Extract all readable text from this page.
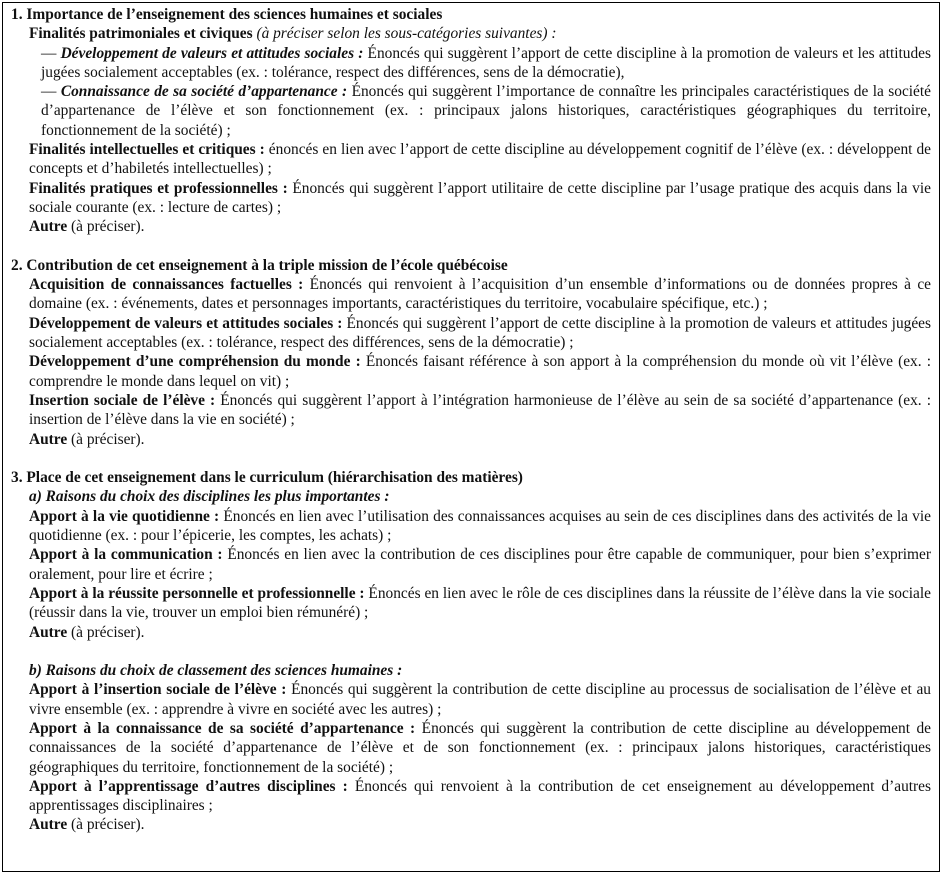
1. Importance de l’enseignement des sciences humaines et sociales
Finalités patrimoniales et civiques (à préciser selon les sous-catégories suivantes) :
— Développement de valeurs et attitudes sociales : Énoncés qui suggèrent l’apport de cette discipline à la promotion de valeurs et les attitudes jugées socialement acceptables (ex. : tolérance, respect des différences, sens de la démocratie),
— Connaissance de sa société d’appartenance : Énoncés qui suggèrent l’importance de connaître les principales caractéristiques de la société d’appartenance de l’élève et son fonctionnement (ex. : principaux jalons historiques, caractéristiques géographiques du territoire, fonctionnement de la société) ;
Finalités intellectuelles et critiques : énoncés en lien avec l’apport de cette discipline au développement cognitif de l’élève (ex. : développent de concepts et d’habiletés intellectuelles) ;
Finalités pratiques et professionnelles : Énoncés qui suggèrent l’apport utilitaire de cette discipline par l’usage pratique des acquis dans la vie sociale courante (ex. : lecture de cartes) ;
Autre (à préciser).
2. Contribution de cet enseignement à la triple mission de l’école québécoise
Acquisition de connaissances factuelles : Énoncés qui renvoient à l’acquisition d’un ensemble d’informations ou de données propres à ce domaine (ex. : événements, dates et personnages importants, caractéristiques du territoire, vocabulaire spécifique, etc.) ;
Développement de valeurs et attitudes sociales : Énoncés qui suggèrent l’apport de cette discipline à la promotion de valeurs et attitudes jugées socialement acceptables (ex. : tolérance, respect des différences, sens de la démocratie) ;
Développement d’une compréhension du monde : Énoncés faisant référence à son apport à la compréhension du monde où vit l’élève (ex. : comprendre le monde dans lequel on vit) ;
Insertion sociale de l’élève : Énoncés qui suggèrent l’apport à l’intégration harmonieuse de l’élève au sein de sa société d’appartenance (ex. : insertion de l’élève dans la vie en société) ;
Autre (à préciser).
3. Place de cet enseignement dans le curriculum (hiérarchisation des matières)
a) Raisons du choix des disciplines les plus importantes :
Apport à la vie quotidienne : Énoncés en lien avec l’utilisation des connaissances acquises au sein de ces disciplines dans des activités de la vie quotidienne (ex. : pour l’épicerie, les comptes, les achats) ;
Apport à la communication : Énoncés en lien avec la contribution de ces disciplines pour être capable de communiquer, pour bien s’exprimer oralement, pour lire et écrire ;
Apport à la réussite personnelle et professionnelle : Énoncés en lien avec le rôle de ces disciplines dans la réussite de l’élève dans la vie sociale (réussir dans la vie, trouver un emploi bien rémunéré) ;
Autre (à préciser).
b) Raisons du choix de classement des sciences humaines :
Apport à l’insertion sociale de l’élève : Énoncés qui suggèrent la contribution de cette discipline au processus de socialisation de l’élève et au vivre ensemble (ex. : apprendre à vivre en société avec les autres) ;
Apport à la connaissance de sa société d’appartenance : Énoncés qui suggèrent la contribution de cette discipline au développement de connaissances de la société d’appartenance de l’élève et de son fonctionnement (ex. : principaux jalons historiques, caractéristiques géographiques du territoire, fonctionnement de la société) ;
Apport à l’apprentissage d’autres disciplines : Énoncés qui renvoient à la contribution de cet enseignement au développement d’autres apprentissages disciplinaires ;
Autre (à préciser).
